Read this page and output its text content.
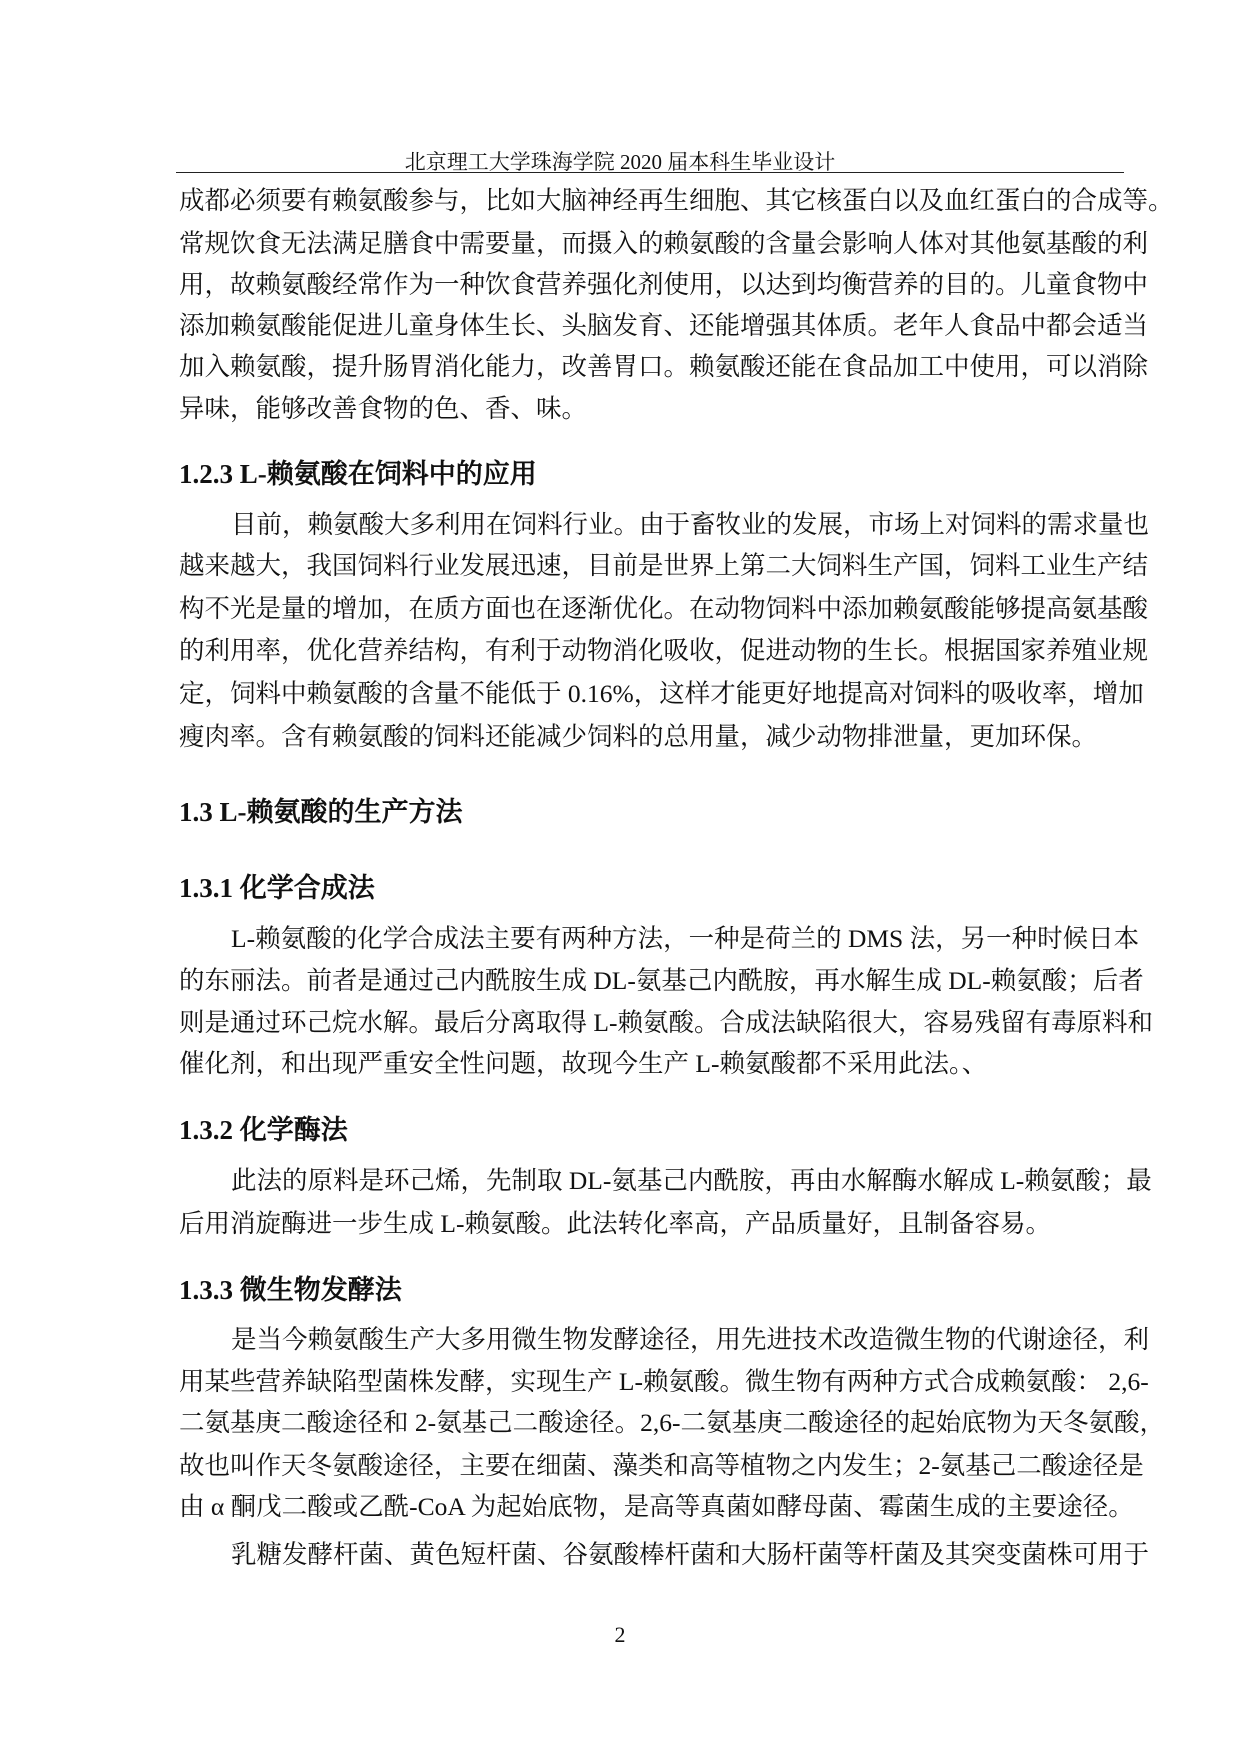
北京理工大学珠海学院 2020 届本科生毕业设计
成都必须要有赖氨酸参与，比如大脑神经再生细胞、其它核蛋白以及血红蛋白的合成等。
常规饮食无法满足膳食中需要量，而摄入的赖氨酸的含量会影响人体对其他氨基酸的利
用，故赖氨酸经常作为一种饮食营养强化剂使用，以达到均衡营养的目的。儿童食物中
添加赖氨酸能促进儿童身体生长、头脑发育、还能增强其体质。老年人食品中都会适当
加入赖氨酸，提升肠胃消化能力，改善胃口。赖氨酸还能在食品加工中使用，可以消除
异味，能够改善食物的色、香、味。
1.2.3 L-赖氨酸在饲料中的应用
目前，赖氨酸大多利用在饲料行业。由于畜牧业的发展，市场上对饲料的需求量也
越来越大，我国饲料行业发展迅速，目前是世界上第二大饲料生产国，饲料工业生产结
构不光是量的增加，在质方面也在逐渐优化。在动物饲料中添加赖氨酸能够提高氨基酸
的利用率，优化营养结构，有利于动物消化吸收，促进动物的生长。根据国家养殖业规
定，饲料中赖氨酸的含量不能低于 0.16%，这样才能更好地提高对饲料的吸收率，增加
瘦肉率。含有赖氨酸的饲料还能减少饲料的总用量，减少动物排泄量，更加环保。
1.3 L-赖氨酸的生产方法
1.3.1 化学合成法
L-赖氨酸的化学合成法主要有两种方法，一种是荷兰的 DMS 法，另一种时候日本
的东丽法。前者是通过己内酰胺生成 DL-氨基己内酰胺，再水解生成 DL-赖氨酸；后者
则是通过环己烷水解。最后分离取得 L-赖氨酸。合成法缺陷很大，容易残留有毒原料和
催化剂，和出现严重安全性问题，故现今生产 L-赖氨酸都不采用此法。、
1.3.2 化学酶法
此法的原料是环己烯，先制取 DL-氨基己内酰胺，再由水解酶水解成 L-赖氨酸；最
后用消旋酶进一步生成 L-赖氨酸。此法转化率高，产品质量好，且制备容易。
1.3.3 微生物发酵法
是当今赖氨酸生产大多用微生物发酵途径，用先进技术改造微生物的代谢途径，利
用某些营养缺陷型菌株发酵，实现生产 L-赖氨酸。微生物有两种方式合成赖氨酸： 2,6-
二氨基庚二酸途径和 2-氨基己二酸途径。2,6-二氨基庚二酸途径的起始底物为天冬氨酸，
故也叫作天冬氨酸途径，主要在细菌、藻类和高等植物之内发生；2-氨基己二酸途径是
由 α 酮戊二酸或乙酰-CoA 为起始底物，是高等真菌如酵母菌、霉菌生成的主要途径。
乳糖发酵杆菌、黄色短杆菌、谷氨酸棒杆菌和大肠杆菌等杆菌及其突变菌株可用于
2
